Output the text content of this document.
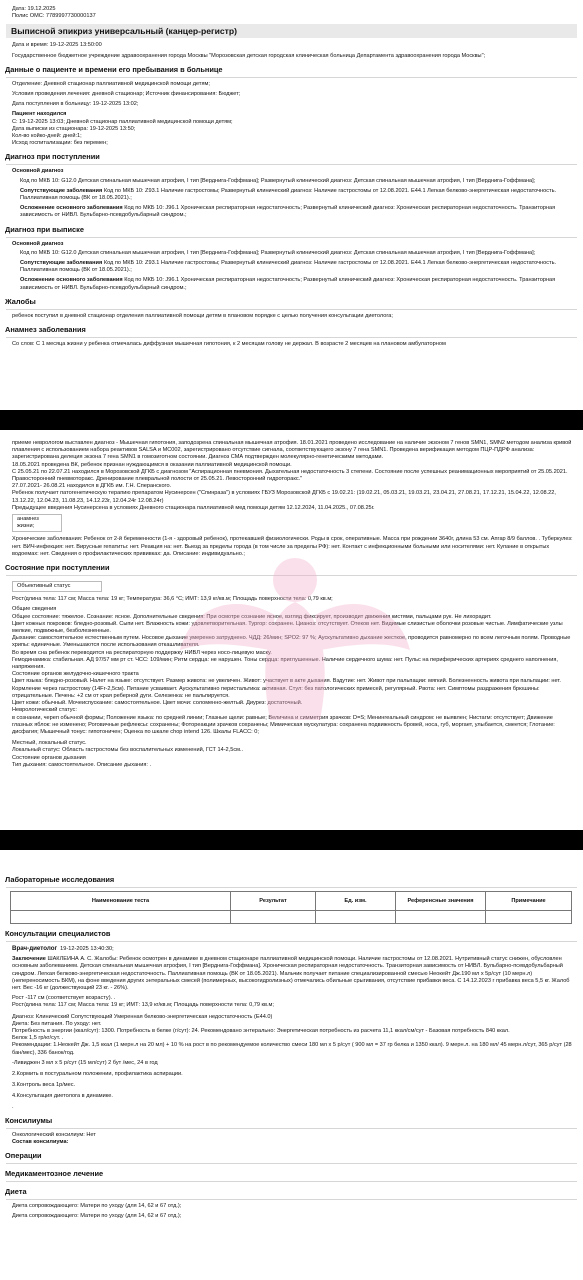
Дата: 19.12.2025
Полис ОМС: 7789997730000137
Выписной эпикриз универсальный (канцер-регистр)
Дата и время: 19-12-2025 13:50:00
Государственное бюджетное учреждение здравоохранения города Москвы "Морозовская детская городская клиническая больница Департамента здравоохранения города Москвы";
Данные о пациенте и времени его пребывания в больнице
Отделение: Дневной стационар паллиативной медицинской помощи детям;
Условия проведения лечения: дневной стационар; Источник финансирования: Бюджет;
Дата поступления в больницу: 19-12-2025 13:02;
Пациент находился
С: 19-12-2025 13:03; Дневной стационар паллиативной медицинской помощи детям;
Дата выписки из стационара: 19-12-2025 13:50;
Кол-во койко-дней: дней:1;
Исход госпитализации: без перемен;
Диагноз при поступлении
Основной диагноз
Код по МКБ 10: G12.0 Детская спинальная мышечная атрофия, I тип [Верднига-Гоффмана]; Развернутый клинический диагноз: Детская спинальная мышечная атрофия, I тип [Верднига-Гоффмана];
Сопутствующие заболевания Код по МКБ 10: Z93.1 Наличие гастростомы; Развернутый клинический диагноз: Наличие гастростомы от 12.08.2021. E44.1 Легкая белково-энергетическая недостаточность. Паллиативная помощь (ВК от 18.05.2021).;
Осложнение основного заболевания Код по МКБ 10: J96.1 Хроническая респираторная недостаточность; Развернутый клинический диагноз: Хроническая респираторная недостаточность. Транзиторная зависимость от НИВЛ. Бульбарно-псевдобульбарный синдром.;
Диагноз при выписке
Основной диагноз
Код по МКБ 10: G12.0 Детская спинальная мышечная атрофия, I тип [Верднига-Гоффмана]; Развернутый клинический диагноз: Детская спинальная мышечная атрофия, I тип [Верднига-Гоффмана];
Сопутствующие заболевания Код по МКБ 10: Z93.1 Наличие гастростомы; Развернутый клинический диагноз: Наличие гастростомы от 12.08.2021. E44.1 Легкая белково-энергетическая недостаточность. Паллиативная помощь (ВК от 18.05.2021).;
Осложнение основного заболевания Код по МКБ 10: J96.1 Хроническая респираторная недостаточность; Развернутый клинический диагноз: Хроническая респираторная недостаточность. Транзиторная зависимость от НИВЛ. Бульбарно-псевдобульбарный синдром.;
Жалобы
ребенок поступил в дневной стационар отделения паллиативной помощи детям в плановом порядке с целью получения консультации диетолога;
Анамнез заболевания
Со слов: С 1 месяца жизни у ребенка отмечалась диффузная мышечная гипотония, к 2 месяцам голову не держал. В возрасте 2 месяцев на плановом амбулаторном
приеме неврологом выставлен диагноз - Мышечная гипотония, заподозрена спинальная мышечная атрофия. 18.01.2021 проведено исследование на наличие экзоном 7 генов SMN1, SMN2 методом анализа кривой плавления с использованием набора реактивов SALSA и MC002, зарегистрировано отсутствие сигнала, соответствующего экзону 7 гена SMN1. Проведена верификация методом ПЦР-ПДРФ анализа: зарегистрирована делеция экзона 7 гена SMN1 в гомозиготном состоянии. Диагноз СМА подтвержден молекулярно-генетическими методами.
18.05.2021 проведена ВК, ребенок признан нуждающимся в оказании паллиативной медицинской помощи.
С 25.05.21 по 22.07.21 находился в Морозовской ДГКБ с диагнозом "Аспирационная пневмония. Дыхательная недостаточность 3 степени. Состояние после успешных реанимационных мероприятий от 25.05.2021. Правосторонний пневмоторакс. Дренирование плевральной полости от 25.05.21. Левосторонний гидроторакс."
27.07.2021- 26.08.21 находился в ДГКБ им. Г.Н. Сперанского.
Ребенок получает патогенетическую терапию препаратом Нусинерсен ("Спинраза") в условиях ГБУЗ Морозовской ДГКБ с 19.02.21: (19.02.21, 05.03.21, 19.03.21, 23.04.21, 27.08.21, 17.12.21, 15.04.22, 12.08.22, 13.12.22, 12.04.23, 11.08.23, 14.12.23г, 12.04.24г 12.08.24г)
Предыдущее введения Нусинерсена в условиях Дневного стационара паллиативной мед помощи детям 12.12.2024, 11.04.2025., 07.08.25г.
анамнез жизни;
Хронические заболевания: Ребенок от 2-й беременности (1-я - здоровый ребенок), протекавшей физиологически. Роды в срок, оперативные. Масса при рождении 3640г, длина 53 см. Апгар 8/9 баллов. . Туберкулез: нет. ВИЧ-инфекция: нет. Вирусные гепатиты: нет. Реакция на: нет. Выезд за пределы города (в том числе за пределы РФ): нет. Контакт с инфекционными больными или носителями: нет. Купание в открытых водоемах: нет. Сведения о профилактических прививках: да. Описание: индивидуально.;
Состояние при поступлении
Объективный статус
Рост/длина тела: 117 см; Масса тела: 19 кг; Температура: 36,6 °С; ИМТ: 13,9 кг/кв.м; Площадь поверхности тела: 0,79 кв.м;
Общие сведения
Общее состояние: тяжелое. Сознание: ясное. Дополнительные сведения: При осмотре сознание ясное, взгляд фиксирует, производит движения кистями, пальцами рук. Не лихорадит.
Цвет кожных покровов: бледно-розовый. Сыпи нет. Влажность кожи: удовлетворительная. Тургор: сохранен. Цианоз: отсутствует. Отеков нет. Видимые слизистые оболочки розовые чистые. Лимфатические узлы мелкие, подвижные, безболезненные.
Дыхание: самостоятельное естественным путем. Носовое дыхание умеренно затруднено. ЧДД: 26/мин; SPO2: 97 %; Аускультативно дыхание жесткое, проводится равномерно по всем легочным полям. Проводные хрипы: единичные. Уменьшаются после использования откашливателя.
Во время сна ребенок переводится на респираторную поддержку НИВЛ через носо-лицевую маску.
Гемодинамика: стабильная. АД 97/57 мм рт ст. ЧСС: 109/мин; Ритм сердца: не нарушен. Тоны сердца: приглушенные. Наличие сердечного шума: нет. Пульс на периферических артериях среднего наполнения, напряжения.
Состояние органов желудочно-кишечного тракта
Цвет языка: бледно-розовый. Налет на языке: отсутствует. Размер живота: не увеличен. Живот: участвует в акте дыхания. Вздутие: нет. Живот при пальпации: мягкий. Болезненность живота при пальпации: нет. Кормление через гастростому (14Fr-2,5см). Питание усваивает. Аускультативно перистальтика: активная. Стул: без патологических примесей, регулярный. Рвота: нет. Симптомы раздражения брюшины: отрицательные. Печень: +2 см от края реберной дуги. Селезенка: не пальпируется.
Цвет кожи: обычный. Мочеиспускание: самостоятельное. Цвет мочи: соломенно-желтый. Диурез: достаточный.
Неврологический статус:
в сознании, череп обычной формы; Положение языка: по средней линии; Глазные щели: равные; Величина и симметрия зрачков: D=S; Менингеальный синдром: не выявлен; Нистагм: отсутствует; Движение глазных яблок: не изменено; Роговичные рефлексы: сохранены; Фотореакции зрачков сохранены; Мимическая мускулатура: сохранена подвижность бровей, носа, губ, моргает, улыбается, смеется; Глотание: дисфагия; Мышечный тонус: гипотоничен; Оценка по шкале chop intend 126. Шкалы FLACC: 0;
Местный, локальный статус.
Локальный статус: Область гастростомы без воспалительных изменений, ГСТ 14-2,5см..
Состояние органов дыхания
Тип дыхания: самостоятельное. Описание дыхания: .
Лабораторные исследования
Наименование теста	Результат	Ед. изм.	Референсные значения	Примечание

Консультации специалистов
Врач-диетолог 19-12-2025 13:40:30;
Заключение ШАКЛЕИНА А. С. Жалобы: Ребенок осмотрен в динамике в дневном стационаре паллиативной медицинской помощи. Наличие гастростомы от 12.08.2021. Нутритивный статус снижен, обусловлен основным заболеванием. Детская спинальная мышечная атрофия, I тип [Верднига-Гоффмана]. Хроническая респираторная недостаточность. Транзиторная зависимость от НИВЛ. Бульбарно-псевдобульбарный синдром. Легкая белково-энергетическая недостаточность. Паллиативная помощь (ВК от 18.05.2021). Мальчик получает питание специализированной смесью Неокейт Дж.190 мл х 5р/сут (10 мерн.л) (непереносимость БКМ), на фоне введения других энтеральных смесей (полимерных, высокогидролизных) отмечались обильные срыгивания, отсутствие прибавки веса. С 14.12.2023 г прибавка веса 5,5 кг. Жалоб нет. Вес -16 кг (должествующий 23 кг. - 26%).
Рост -117 см (соответствует возрасту). .
Рост/длина тела: 117 см; Масса тела: 19 кг; ИМТ: 13,9 кг/кв.м; Площадь поверхности тела: 0,79 кв.м;
Диагноз: Клинический Сопутствующий Умеренная белково-энергетическая недостаточность (E44.0)
Диета: Без питания. По уходу: нет.
Потребность в энергии (ккал/сут): 1300. Потребность в белке (г/сут): 24. Рекомендовано энтерально: Энергетическая потребность из расчета 11,1 ккал/см/сут - Базовая потребность 840 ккал.
Белок 1,5 гр/кг/сут. .
Рекомендации: 1.Неокейт Дж. 1,5 ккал (1 мерн.л на 20 мл) + 10 % на рост в по рекомендуемое количество смеси 180 мл х 5 р/сут ( 900 мл = 37 гр белка и 1350 ккал). 9 мерн.л. на 180 мл/ 45 мерн.л/сут, 365 р/сут (28 бан/мес), 336 банок/год.
-Ливиджен 3 мл х 5 р/сут (15 мл/сут) 2 бут /мес, 24 в год
2.Кормить в постуральном положении, профилактика аспирации.
3.Контроль веса 1р/мес.
4.Консультация диетолога в динамике.
.
Консилиумы
Онкологический консилиум: Нет
Состав консилиума:
Операции
Медикаментозное лечение
Диета
Диета сопровождающего: Матери по уходу (для 14, 62 и 67 отд.);
Диета сопровождающего: Матери по уходу (для 14, 62 и 67 отд.);
